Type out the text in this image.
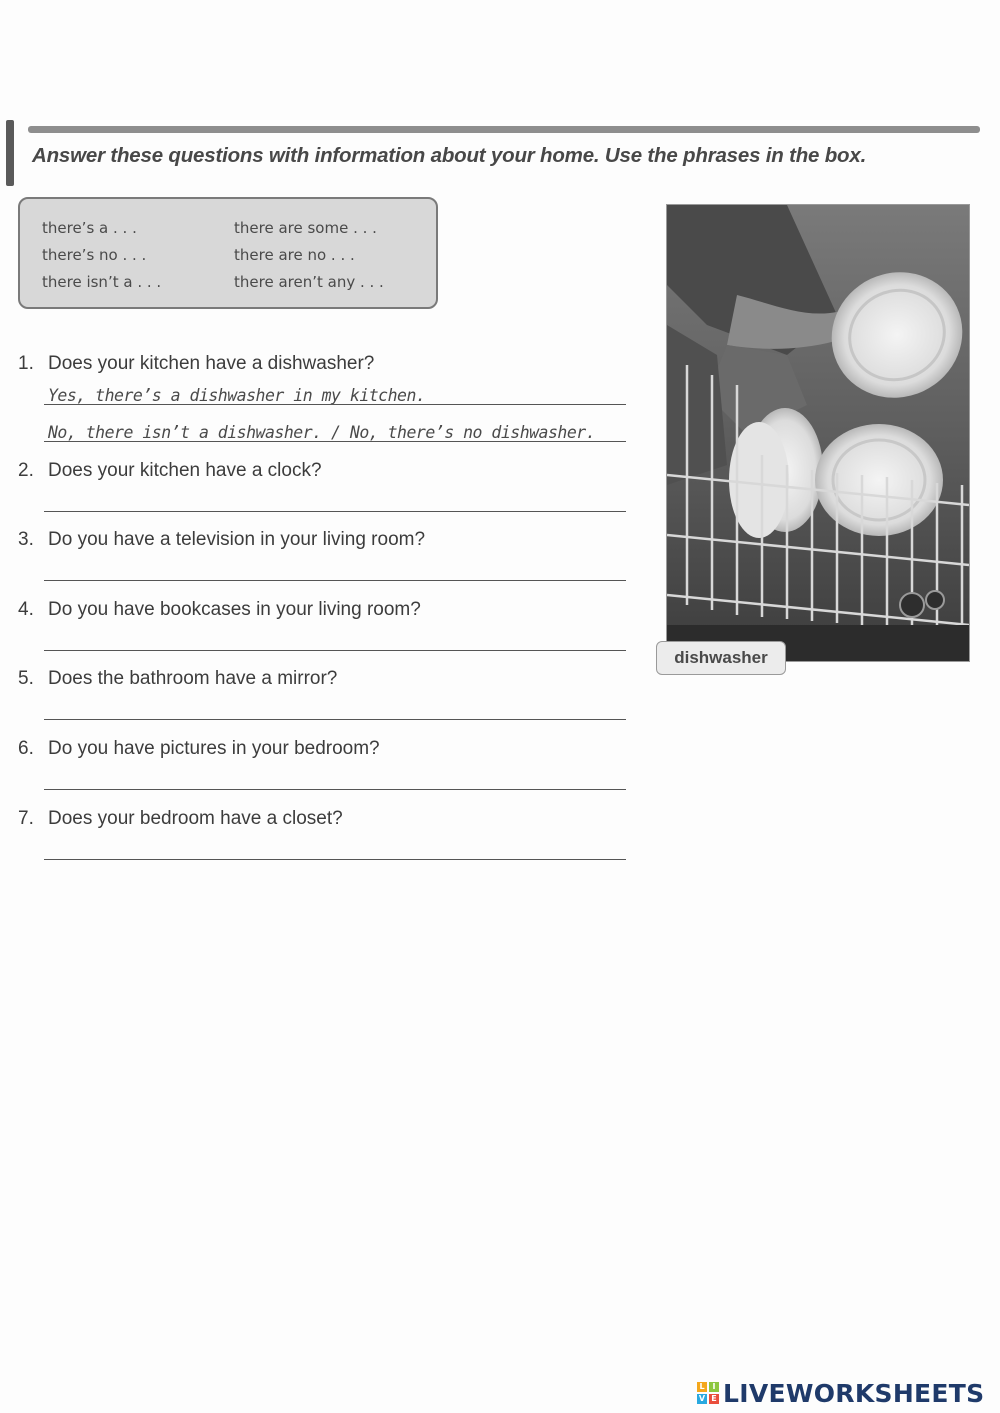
Answer these questions with information about your home. Use the phrases in the box.
there’s a . . .
there’s no . . .
there isn’t a . . .
there are some . . .
there are no . . .
there aren’t any . . .
1. Does your kitchen have a dishwasher?
Yes, there’s a dishwasher in my kitchen.
No, there isn’t a dishwasher. / No, there’s no dishwasher.
2. Does your kitchen have a clock?
3. Do you have a television in your living room?
4. Do you have bookcases in your living room?
5. Does the bathroom have a mirror?
6. Do you have pictures in your bedroom?
7. Does your bedroom have a closet?
dishwasher
L I
V E LIVEWORKSHEETS
